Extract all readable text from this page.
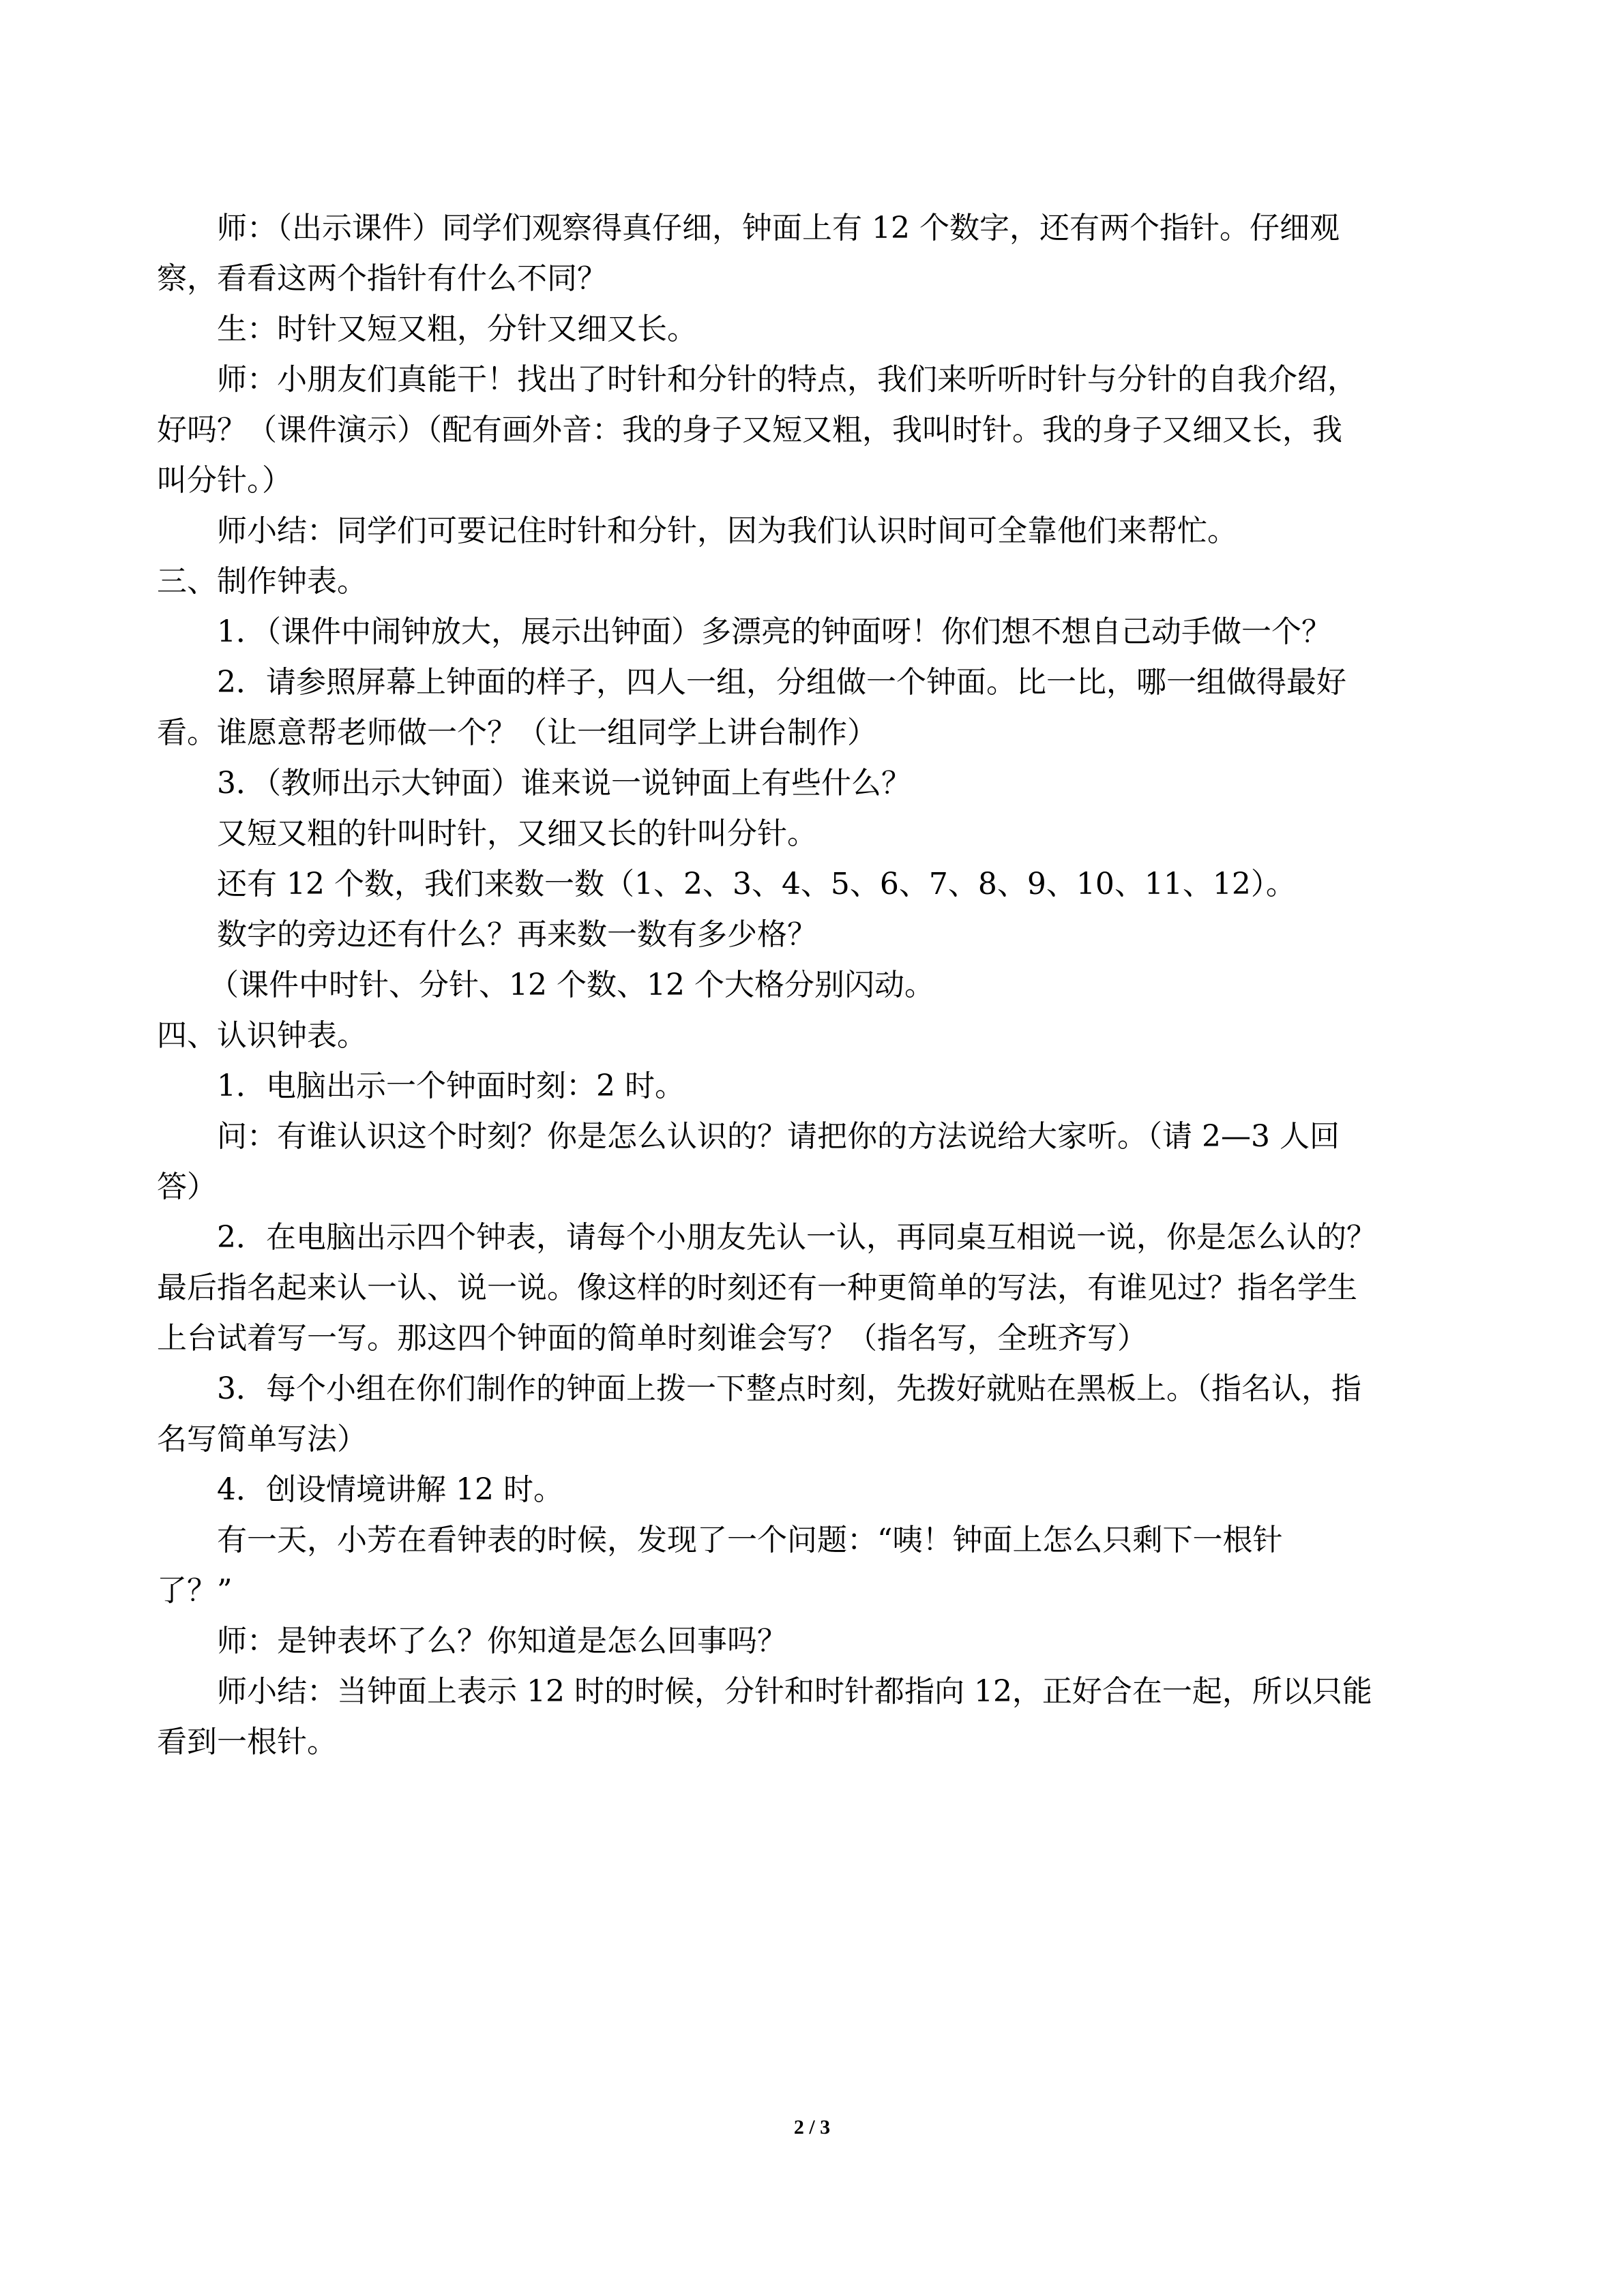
师：（出示课件）同学们观察得真仔细，钟面上有 12 个数字，还有两个指针。仔细观

察，看看这两个指针有什么不同？

生：时针又短又粗，分针又细又长。

师：小朋友们真能干！找出了时针和分针的特点，我们来听听时针与分针的自我介绍，

好吗？（课件演示）（配有画外音：我的身子又短又粗，我叫时针。我的身子又细又长，我

叫分针。）

师小结：同学们可要记住时针和分针，因为我们认识时间可全靠他们来帮忙。

三、制作钟表。

1．（课件中闹钟放大，展示出钟面）多漂亮的钟面呀！你们想不想自己动手做一个？

2．请参照屏幕上钟面的样子，四人一组，分组做一个钟面。比一比，哪一组做得最好

看。谁愿意帮老师做一个？（让一组同学上讲台制作）

3．（教师出示大钟面）谁来说一说钟面上有些什么？

又短又粗的针叫时针，又细又长的针叫分针。

还有 12 个数，我们来数一数（1、2、3、4、5、6、7、8、9、10、11、12）。

数字的旁边还有什么？再来数一数有多少格？

（课件中时针、分针、12 个数、12 个大格分别闪动。

四、认识钟表。

1．电脑出示一个钟面时刻：2 时。

问：有谁认识这个时刻？你是怎么认识的？请把你的方法说给大家听。（请 2—3 人回

答）

2．在电脑出示四个钟表，请每个小朋友先认一认，再同桌互相说一说，你是怎么认的？

最后指名起来认一认、说一说。像这样的时刻还有一种更简单的写法，有谁见过？指名学生

上台试着写一写。那这四个钟面的简单时刻谁会写？（指名写，全班齐写）

3．每个小组在你们制作的钟面上拨一下整点时刻，先拨好就贴在黑板上。（指名认，指

名写简单写法）

4．创设情境讲解 12 时。

有一天，小芳在看钟表的时候，发现了一个问题：“咦！钟面上怎么只剩下一根针

了？”

师：是钟表坏了么？你知道是怎么回事吗？

师小结：当钟面上表示 12 时的时候，分针和时针都指向 12，正好合在一起，所以只能

看到一根针。

2 / 3
